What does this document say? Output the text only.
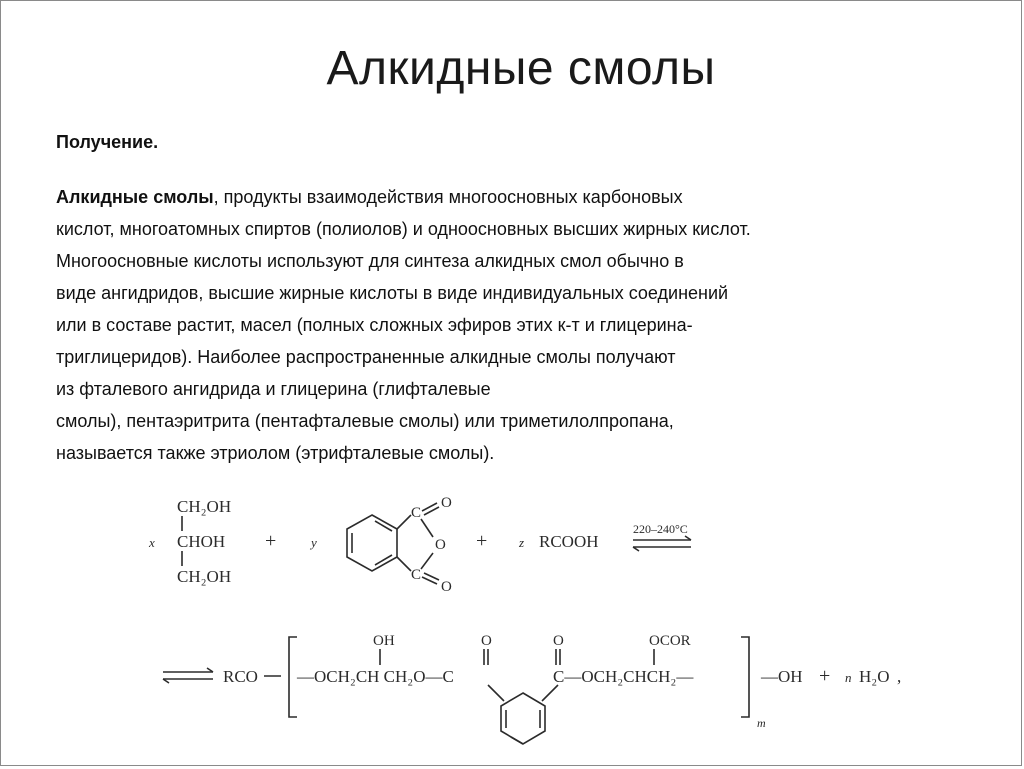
Алкидные смолы
Получение.
Алкидные смолы, продукты взаимодействия многоосновных карбоновых
кислот, многоатомных спиртов (полиолов) и одноосновных высших жирных кислот.
Многоосновные кислоты используют для синтеза алкидных смол обычно в
виде ангидридов, высшие жирные кислоты в виде индивидуальных соединений
или в составе растит, масел (полных сложных эфиров этих к-т и глицерина-
триглицеридов). Наиболее распространенные алкидные смолы получают
из фталевого ангидрида и глицерина (глифталевые
смолы), пентаэритрита (пентафталевые смолы) или триметилолпропана,
называется также этриолом (этрифталевые смолы).
x
CH₂OH
CHOH
CH₂OH
+	y
C
C
O
O
O
+ z RCOOH
220–240°C
RCO —OCH₂CH CH₂O—C
OH	O	O
C—OCH₂CHCH₂—
OCOR
m
—OH + n H₂O ,
